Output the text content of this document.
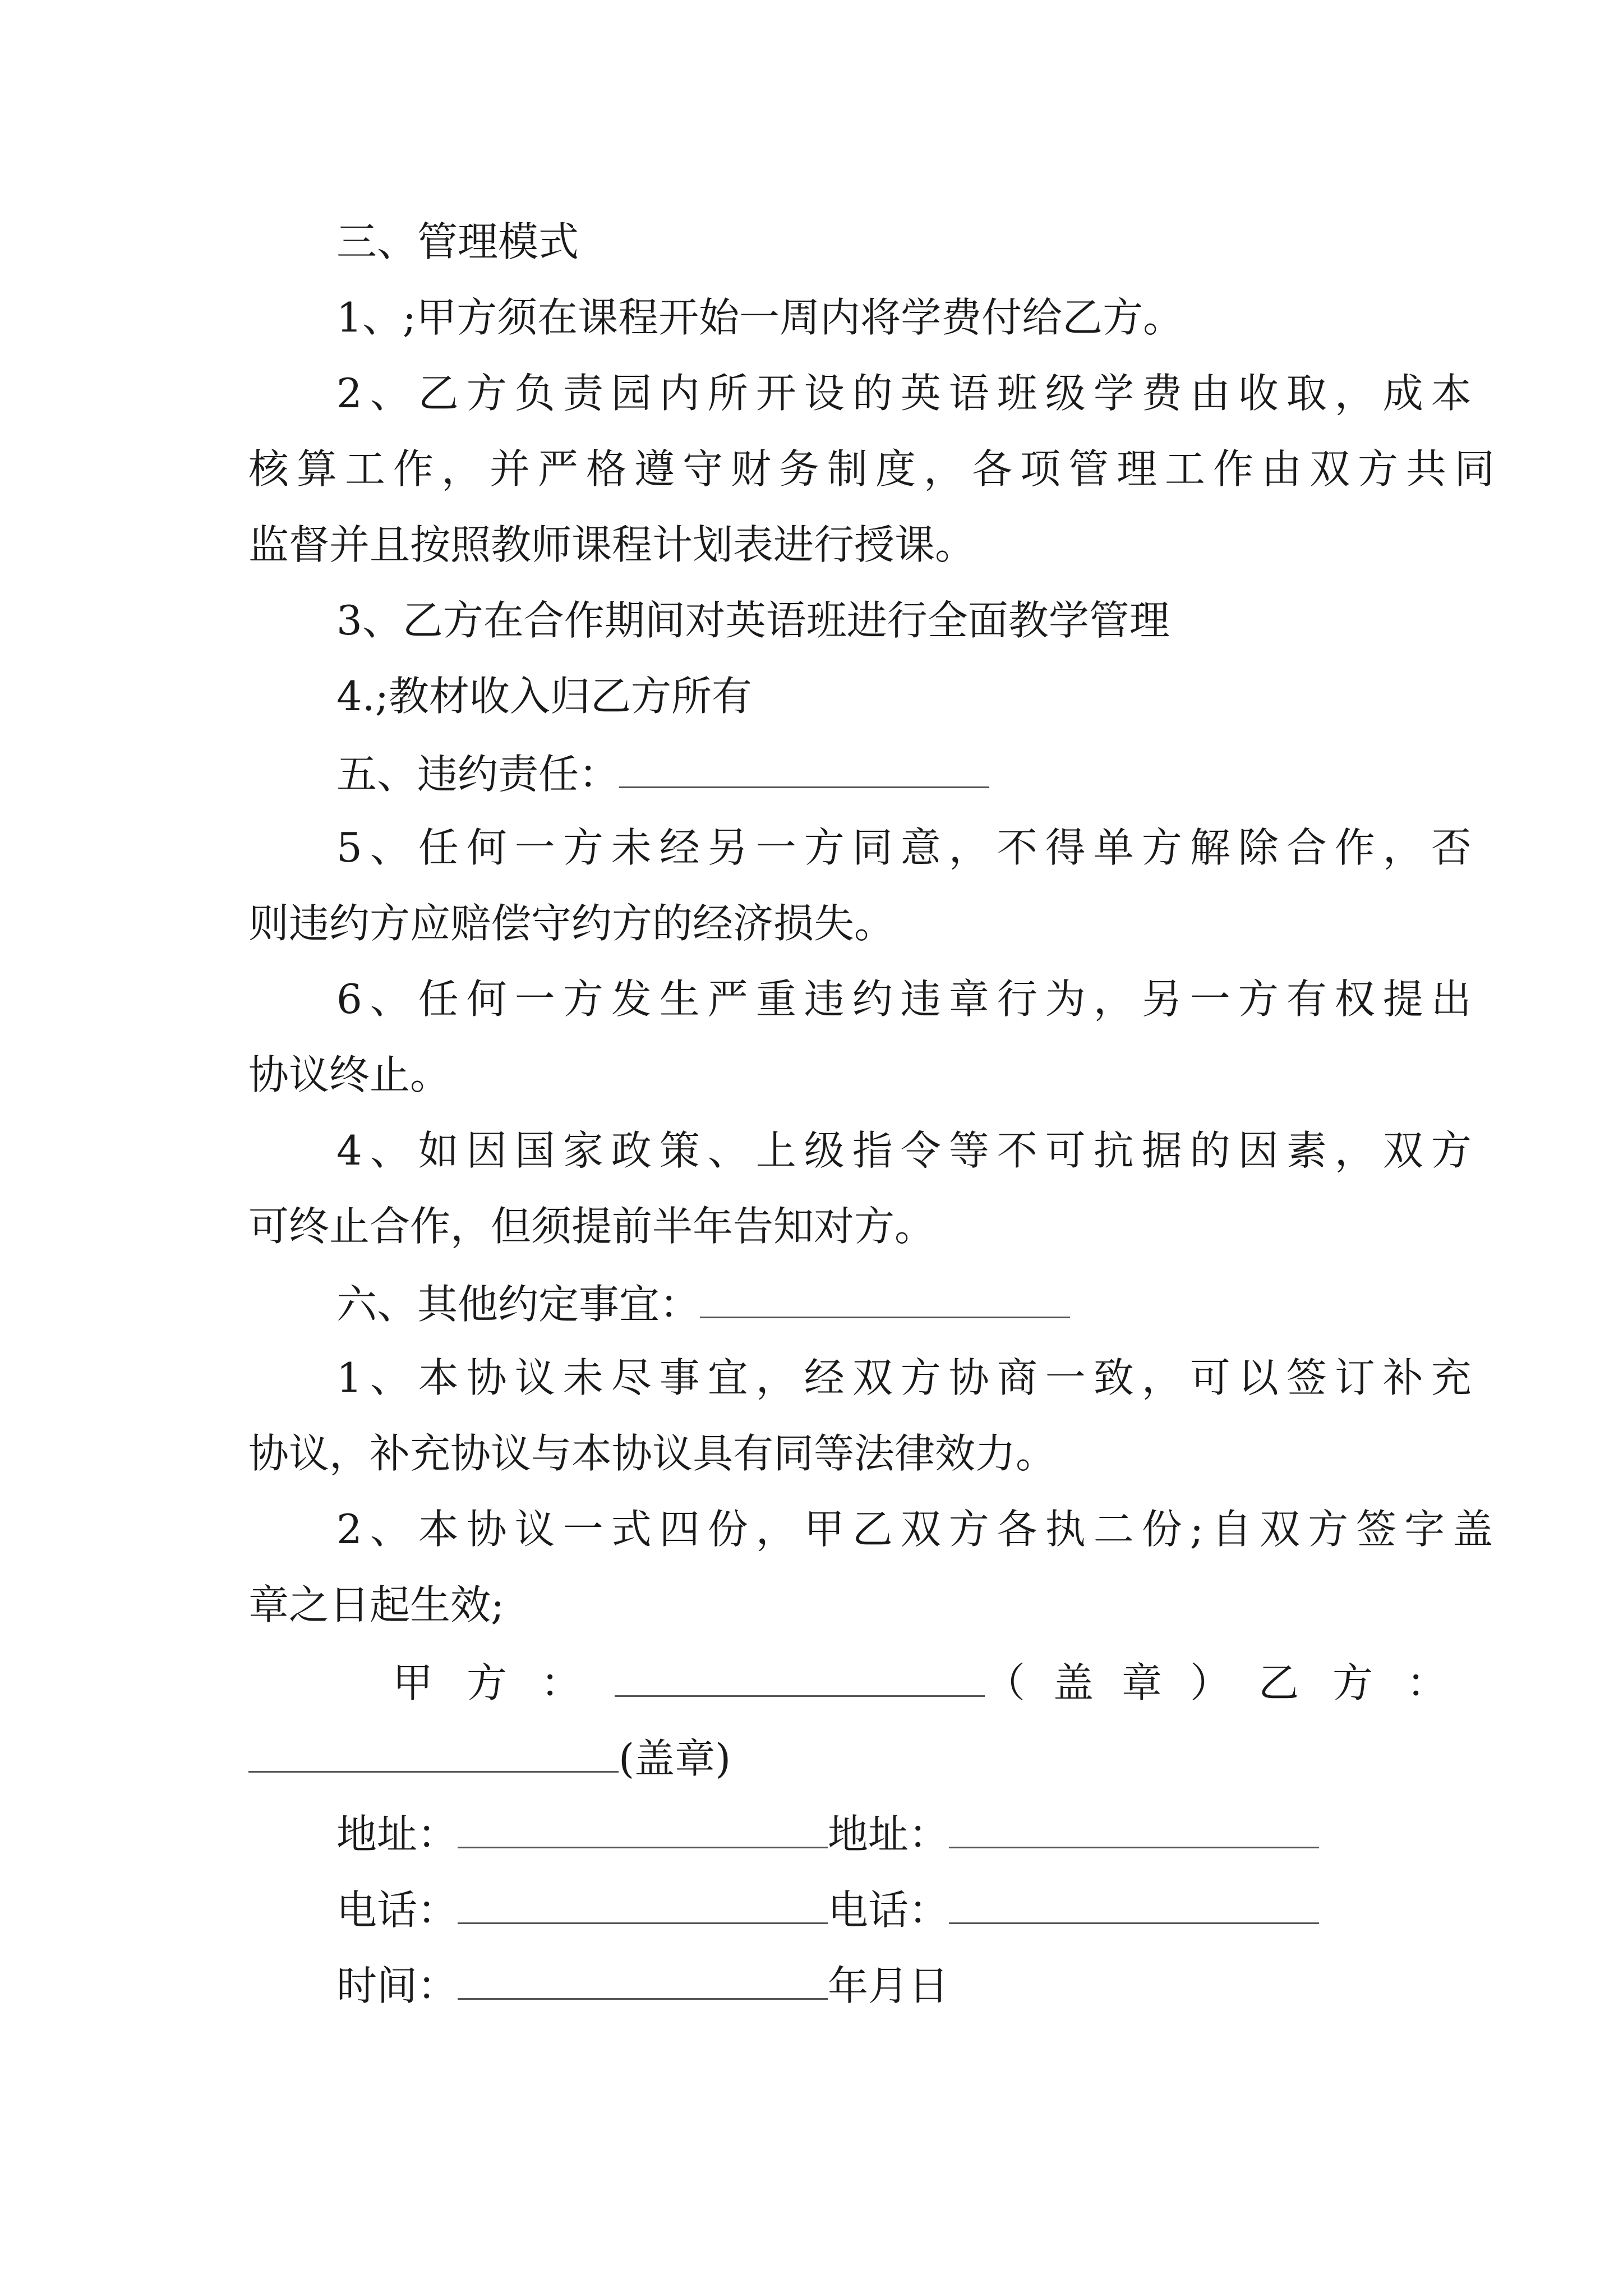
三、管理模式
1、;甲方须在课程开始一周内将学费付给乙方。
2、乙方负责园内所开设的英语班级学费由收取，成本
核算工作，并严格遵守财务制度，各项管理工作由双方共同
监督并且按照教师课程计划表进行授课。
3、乙方在合作期间对英语班进行全面教学管理
4.;教材收入归乙方所有
五、违约责任：
5、任何一方未经另一方同意，不得单方解除合作，否
则违约方应赔偿守约方的经济损失。
6、任何一方发生严重违约违章行为，另一方有权提出
协议终止。
4、如因国家政策、上级指令等不可抗据的因素，双方
可终止合作，但须提前半年告知对方。
六、其他约定事宜：
1、本协议未尽事宜，经双方协商一致，可以签订补充
协议，补充协议与本协议具有同等法律效力。
2、本协议一式四份，甲乙双方各执二份;自双方签字盖
章之日起生效;
甲方：	（盖章）乙方：
(盖章)
地址：	地址：
电话：	电话：
时间：	年月日
